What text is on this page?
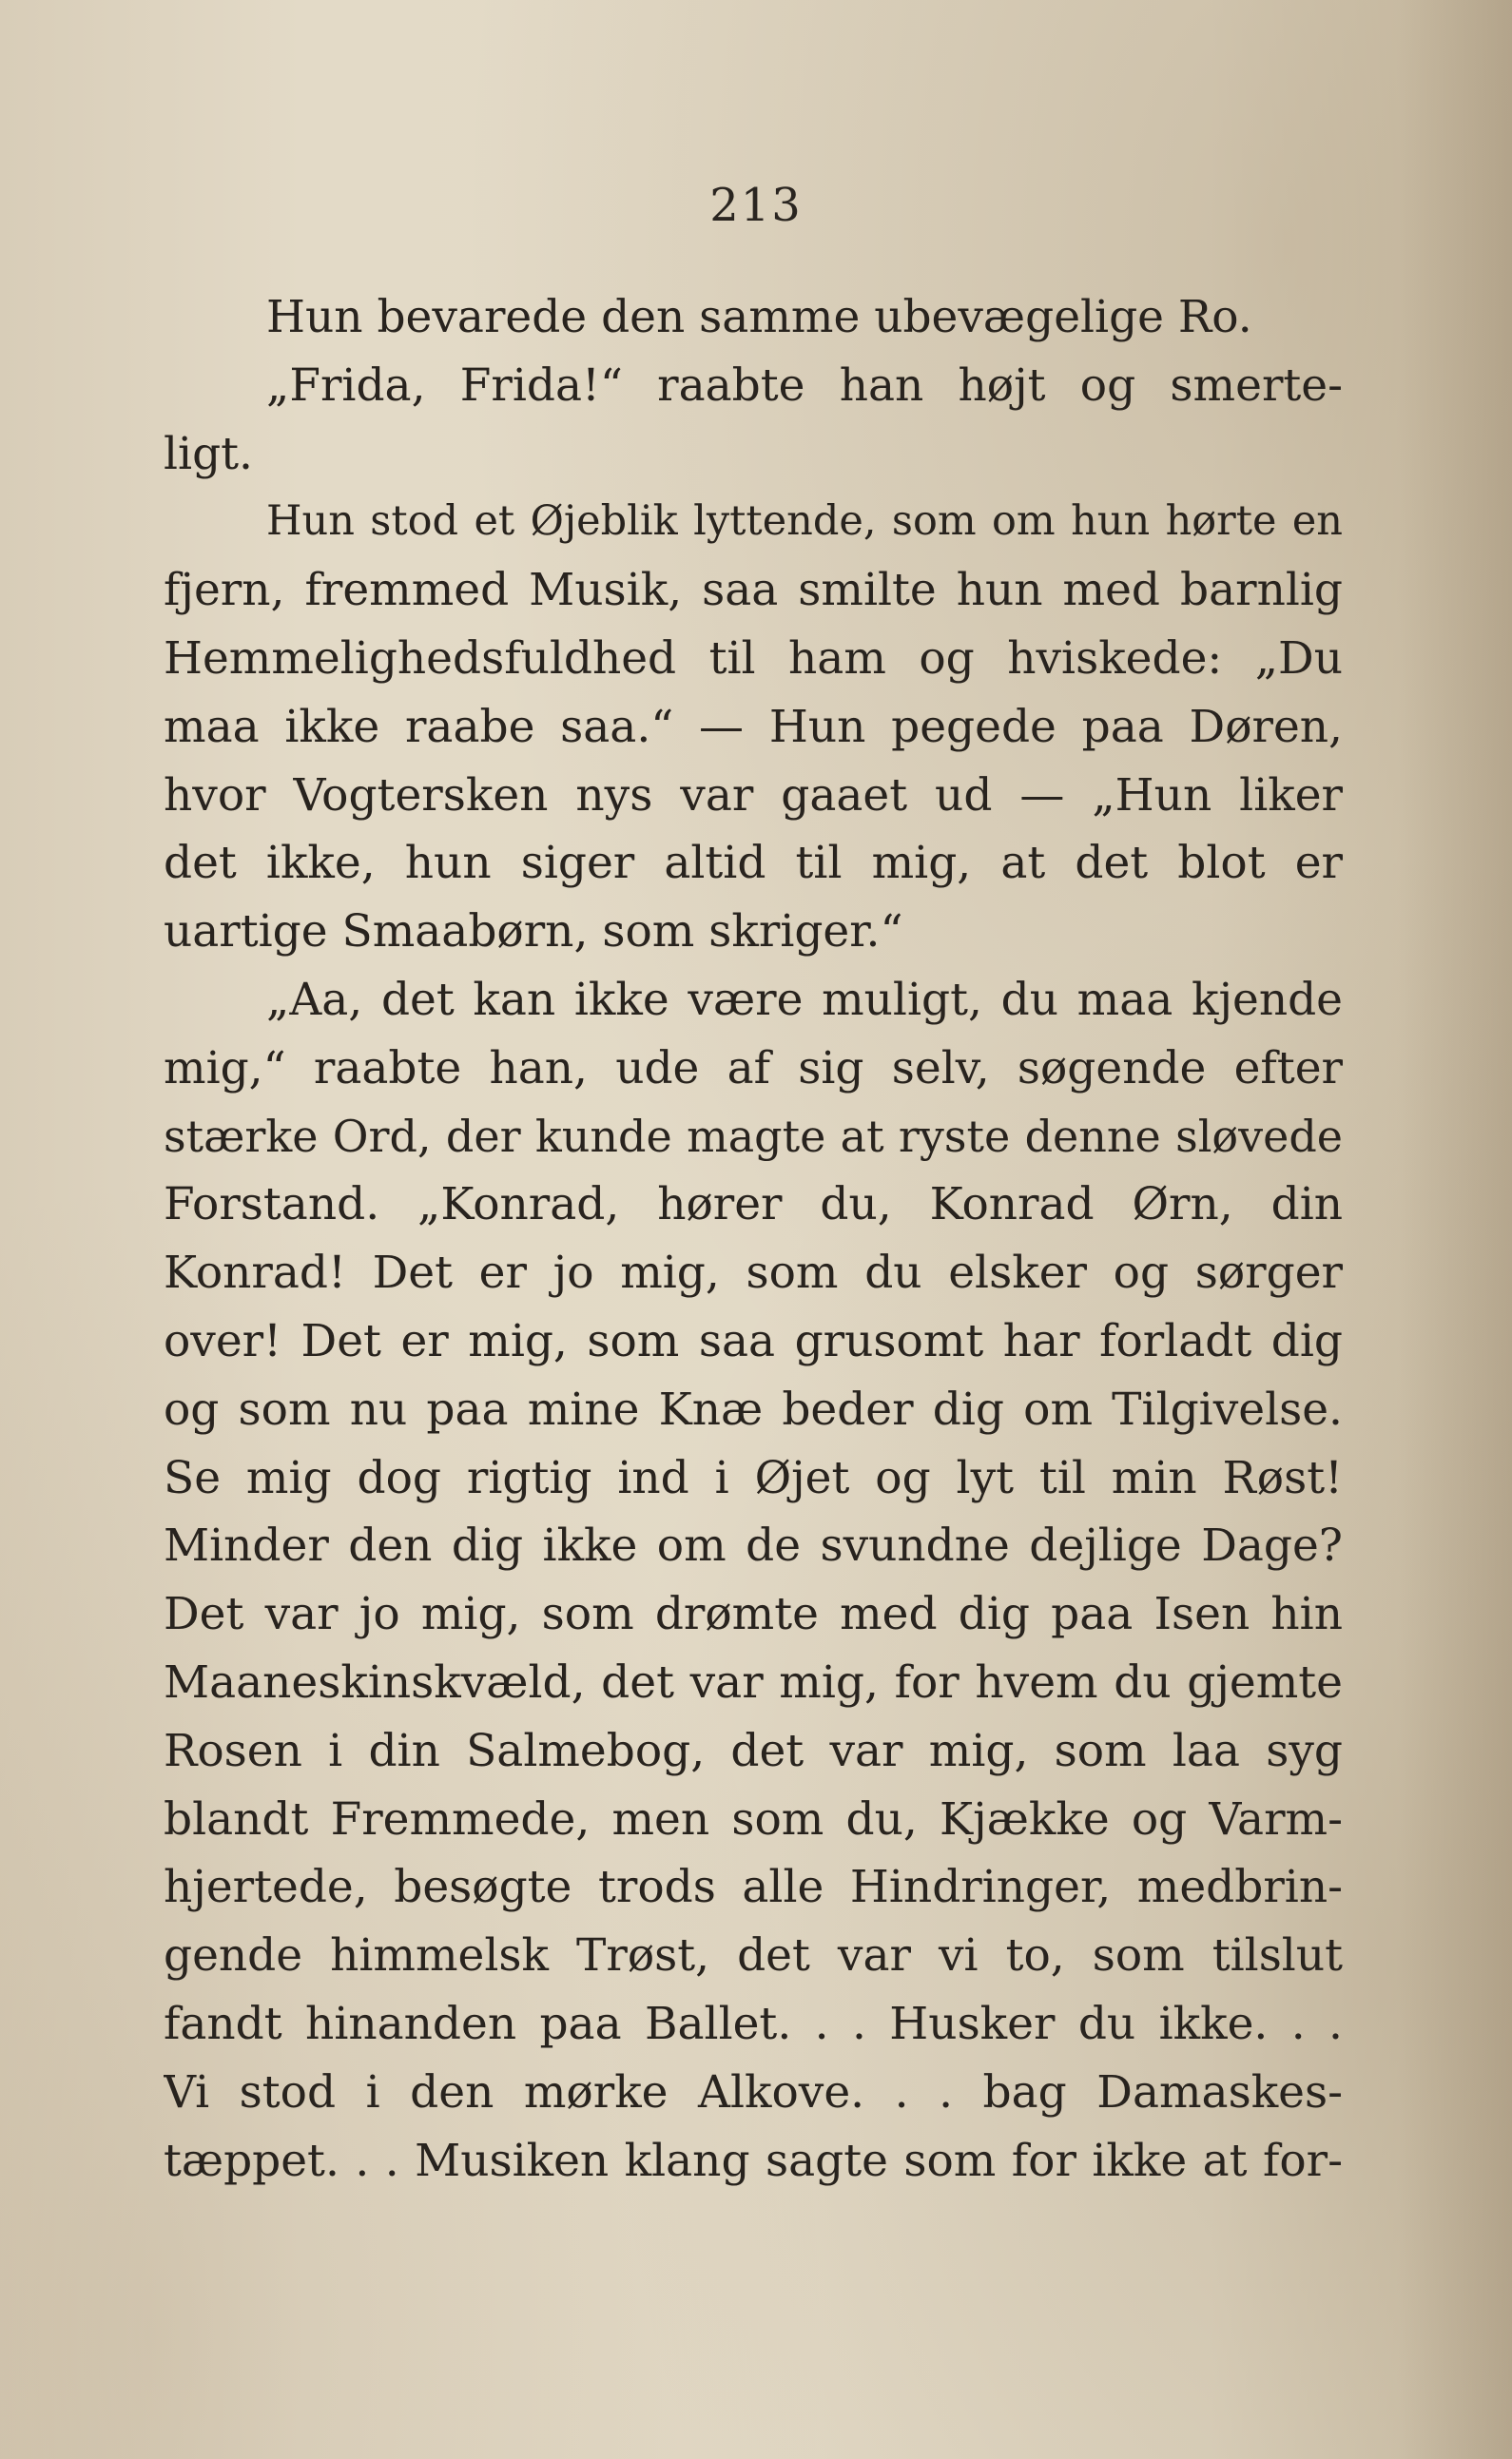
213
Hun bevarede den samme ubevægelige Ro.
„Frida, Frida!“ raabte han højt og smerte-
ligt.
Hun stod et Øjeblik lyttende, som om hun hørte en
fjern, fremmed Musik, saa smilte hun med barnlig
Hemmelighedsfuldhed til ham og hviskede: „Du
maa ikke raabe saa.“ — Hun pegede paa Døren,
hvor Vogtersken nys var gaaet ud — „Hun liker
det ikke, hun siger altid til mig, at det blot er
uartige Smaabørn, som skriger.“
„Aa, det kan ikke være muligt, du maa kjende
mig,“ raabte han, ude af sig selv, søgende efter
stærke Ord, der kunde magte at ryste denne sløvede
Forstand. „Konrad, hører du, Konrad Ørn, din
Konrad! Det er jo mig, som du elsker og sørger
over! Det er mig, som saa grusomt har forladt dig
og som nu paa mine Knæ beder dig om Tilgivelse.
Se mig dog rigtig ind i Øjet og lyt til min Røst!
Minder den dig ikke om de svundne dejlige Dage?
Det var jo mig, som drømte med dig paa Isen hin
Maaneskinskvæld, det var mig, for hvem du gjemte
Rosen i din Salmebog, det var mig, som laa syg
blandt Fremmede, men som du, Kjække og Varm-
hjertede, besøgte trods alle Hindringer, medbrin-
gende himmelsk Trøst, det var vi to, som tilslut
fandt hinanden paa Ballet. . . Husker du ikke. . .
Vi stod i den mørke Alkove. . . bag Damaskes-
tæppet. . . Musiken klang sagte som for ikke at for-
